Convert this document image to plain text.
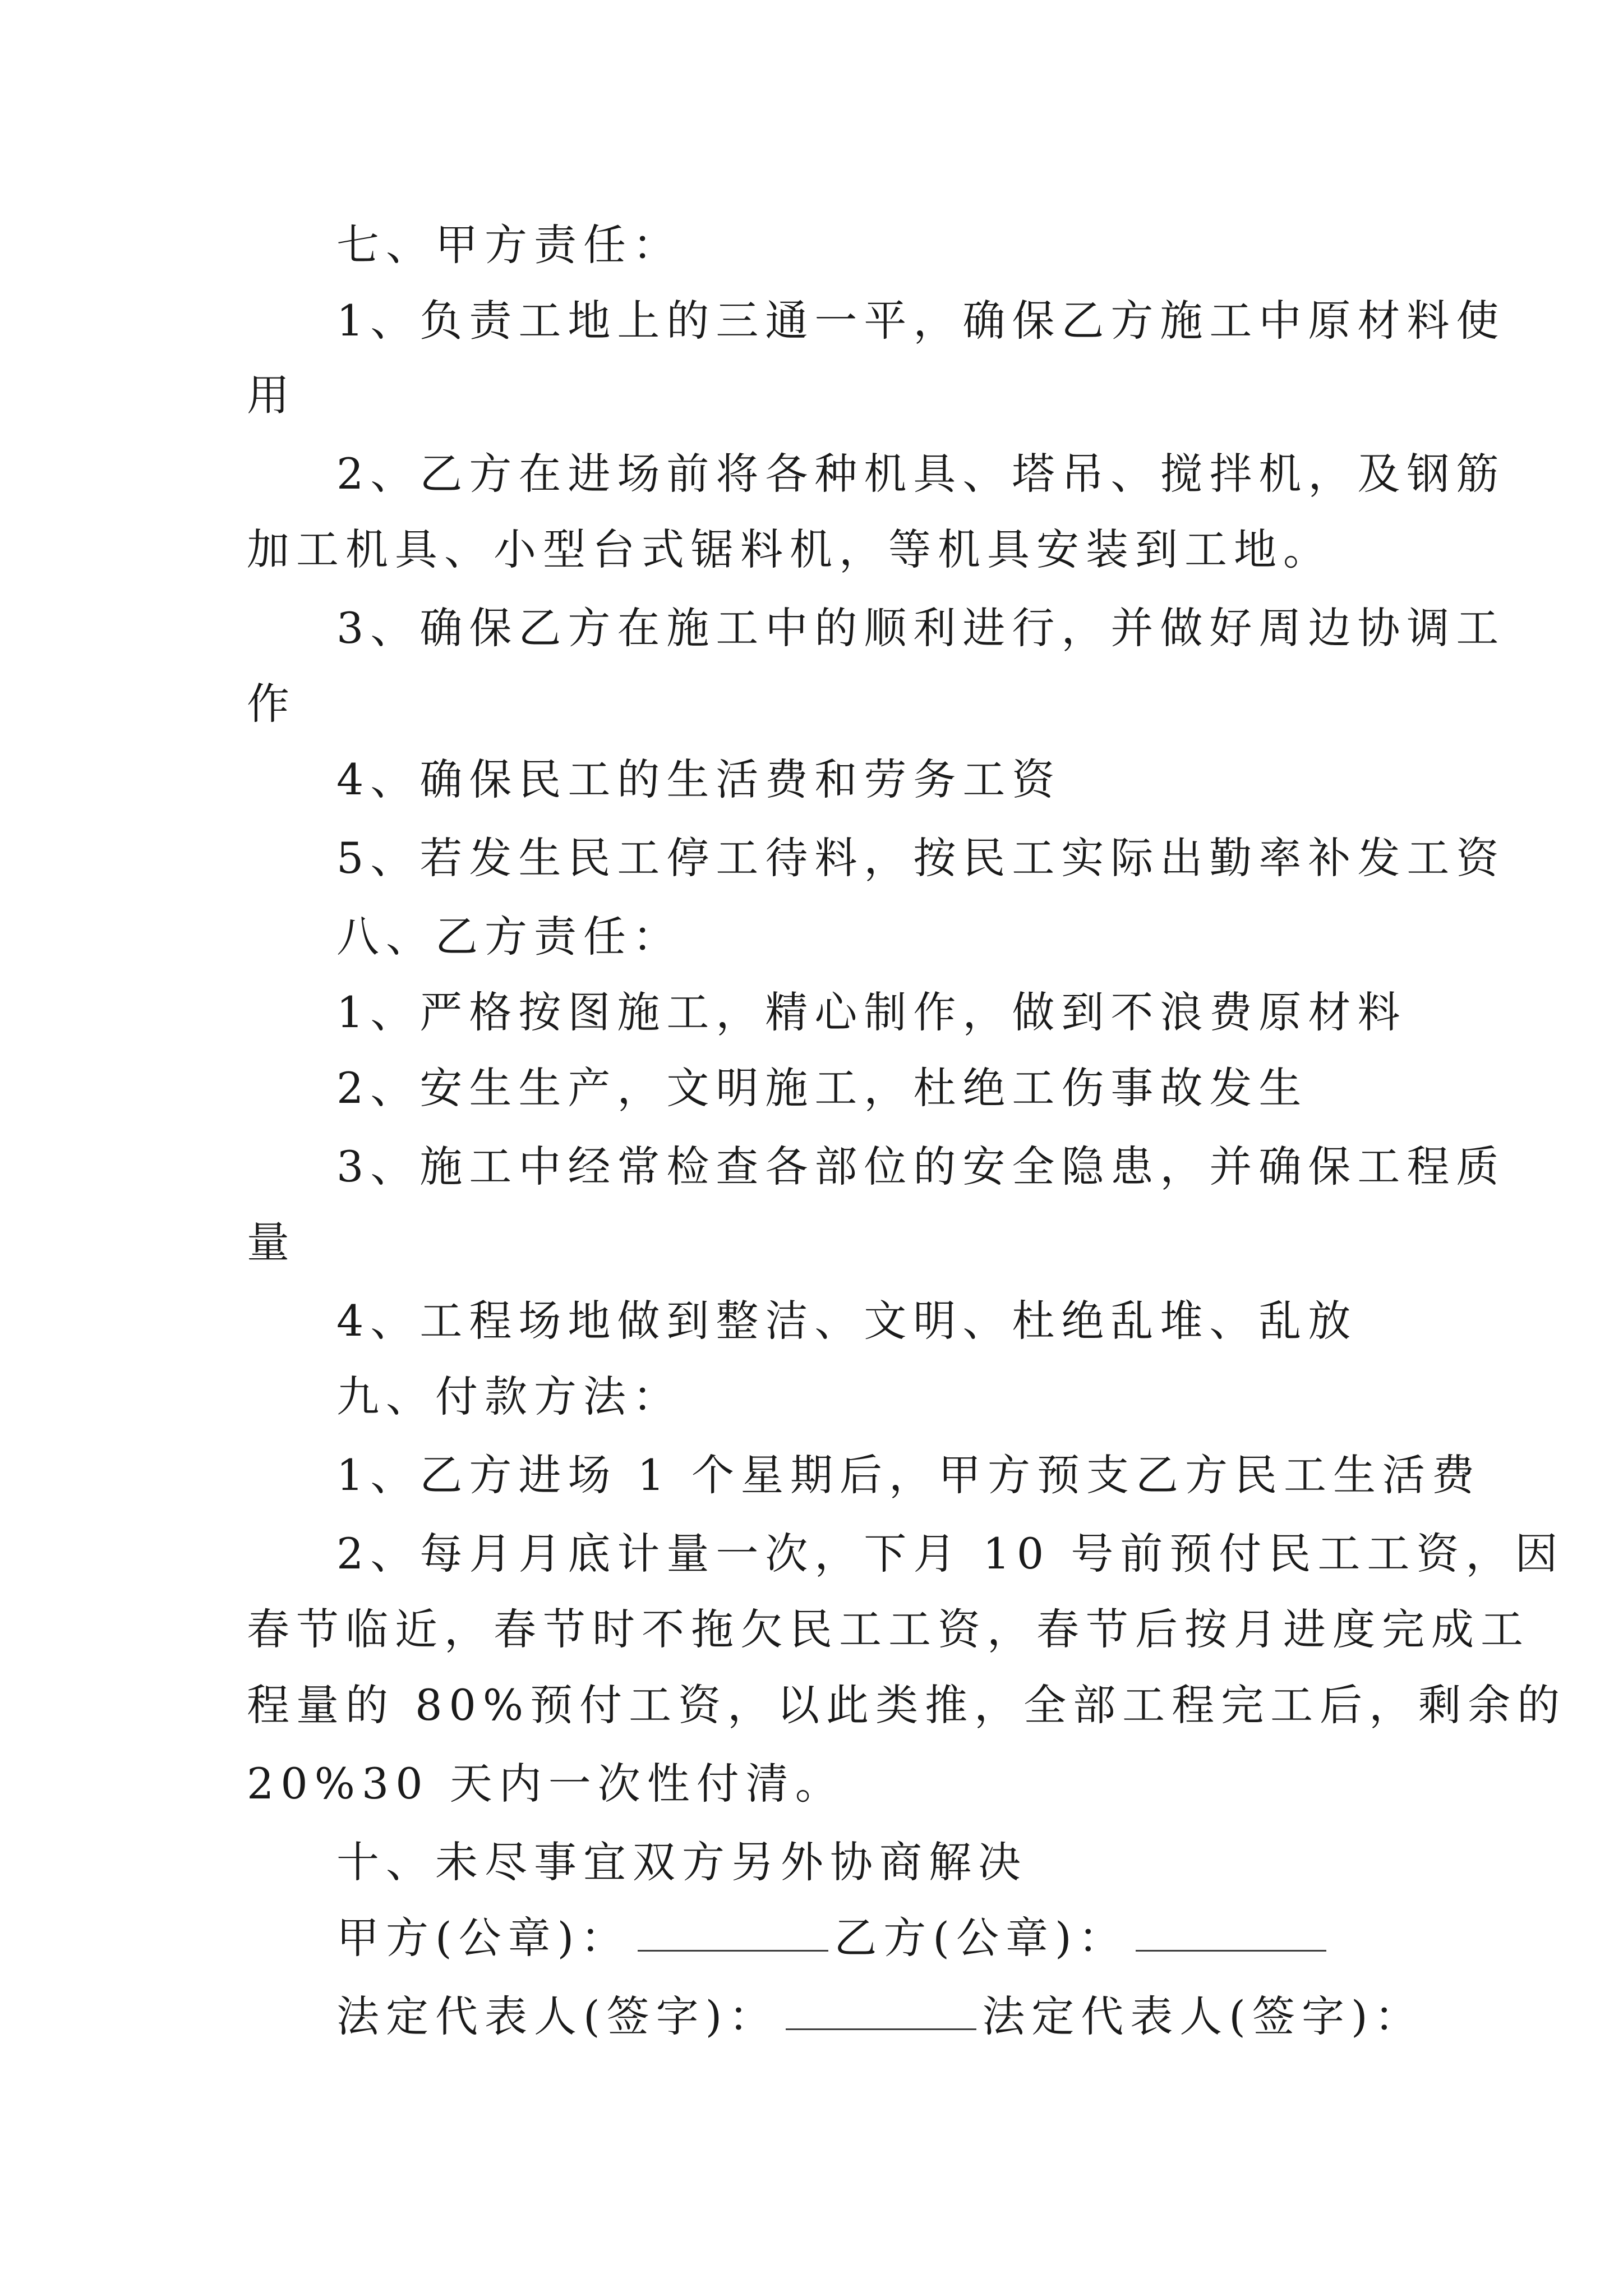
七、甲方责任：
1、负责工地上的三通一平，确保乙方施工中原材料使
用
2、乙方在进场前将各种机具、塔吊、搅拌机，及钢筋
加工机具、小型台式锯料机，等机具安装到工地。
3、确保乙方在施工中的顺利进行，并做好周边协调工
作
4、确保民工的生活费和劳务工资
5、若发生民工停工待料，按民工实际出勤率补发工资
八、乙方责任：
1、严格按图施工，精心制作，做到不浪费原材料
2、安生生产，文明施工，杜绝工伤事故发生
3、施工中经常检查各部位的安全隐患，并确保工程质
量
4、工程场地做到整洁、文明、杜绝乱堆、乱放
九、付款方法：
1、乙方进场 1 个星期后，甲方预支乙方民工生活费
2、每月月底计量一次，下月 10 号前预付民工工资，因
春节临近，春节时不拖欠民工工资，春节后按月进度完成工
程量的 80%预付工资，以此类推，全部工程完工后，剩余的
20%30 天内一次性付清。
十、未尽事宜双方另外协商解决
甲方(公章)：	乙方(公章)：
法定代表人(签字)：	法定代表人(签字)：
